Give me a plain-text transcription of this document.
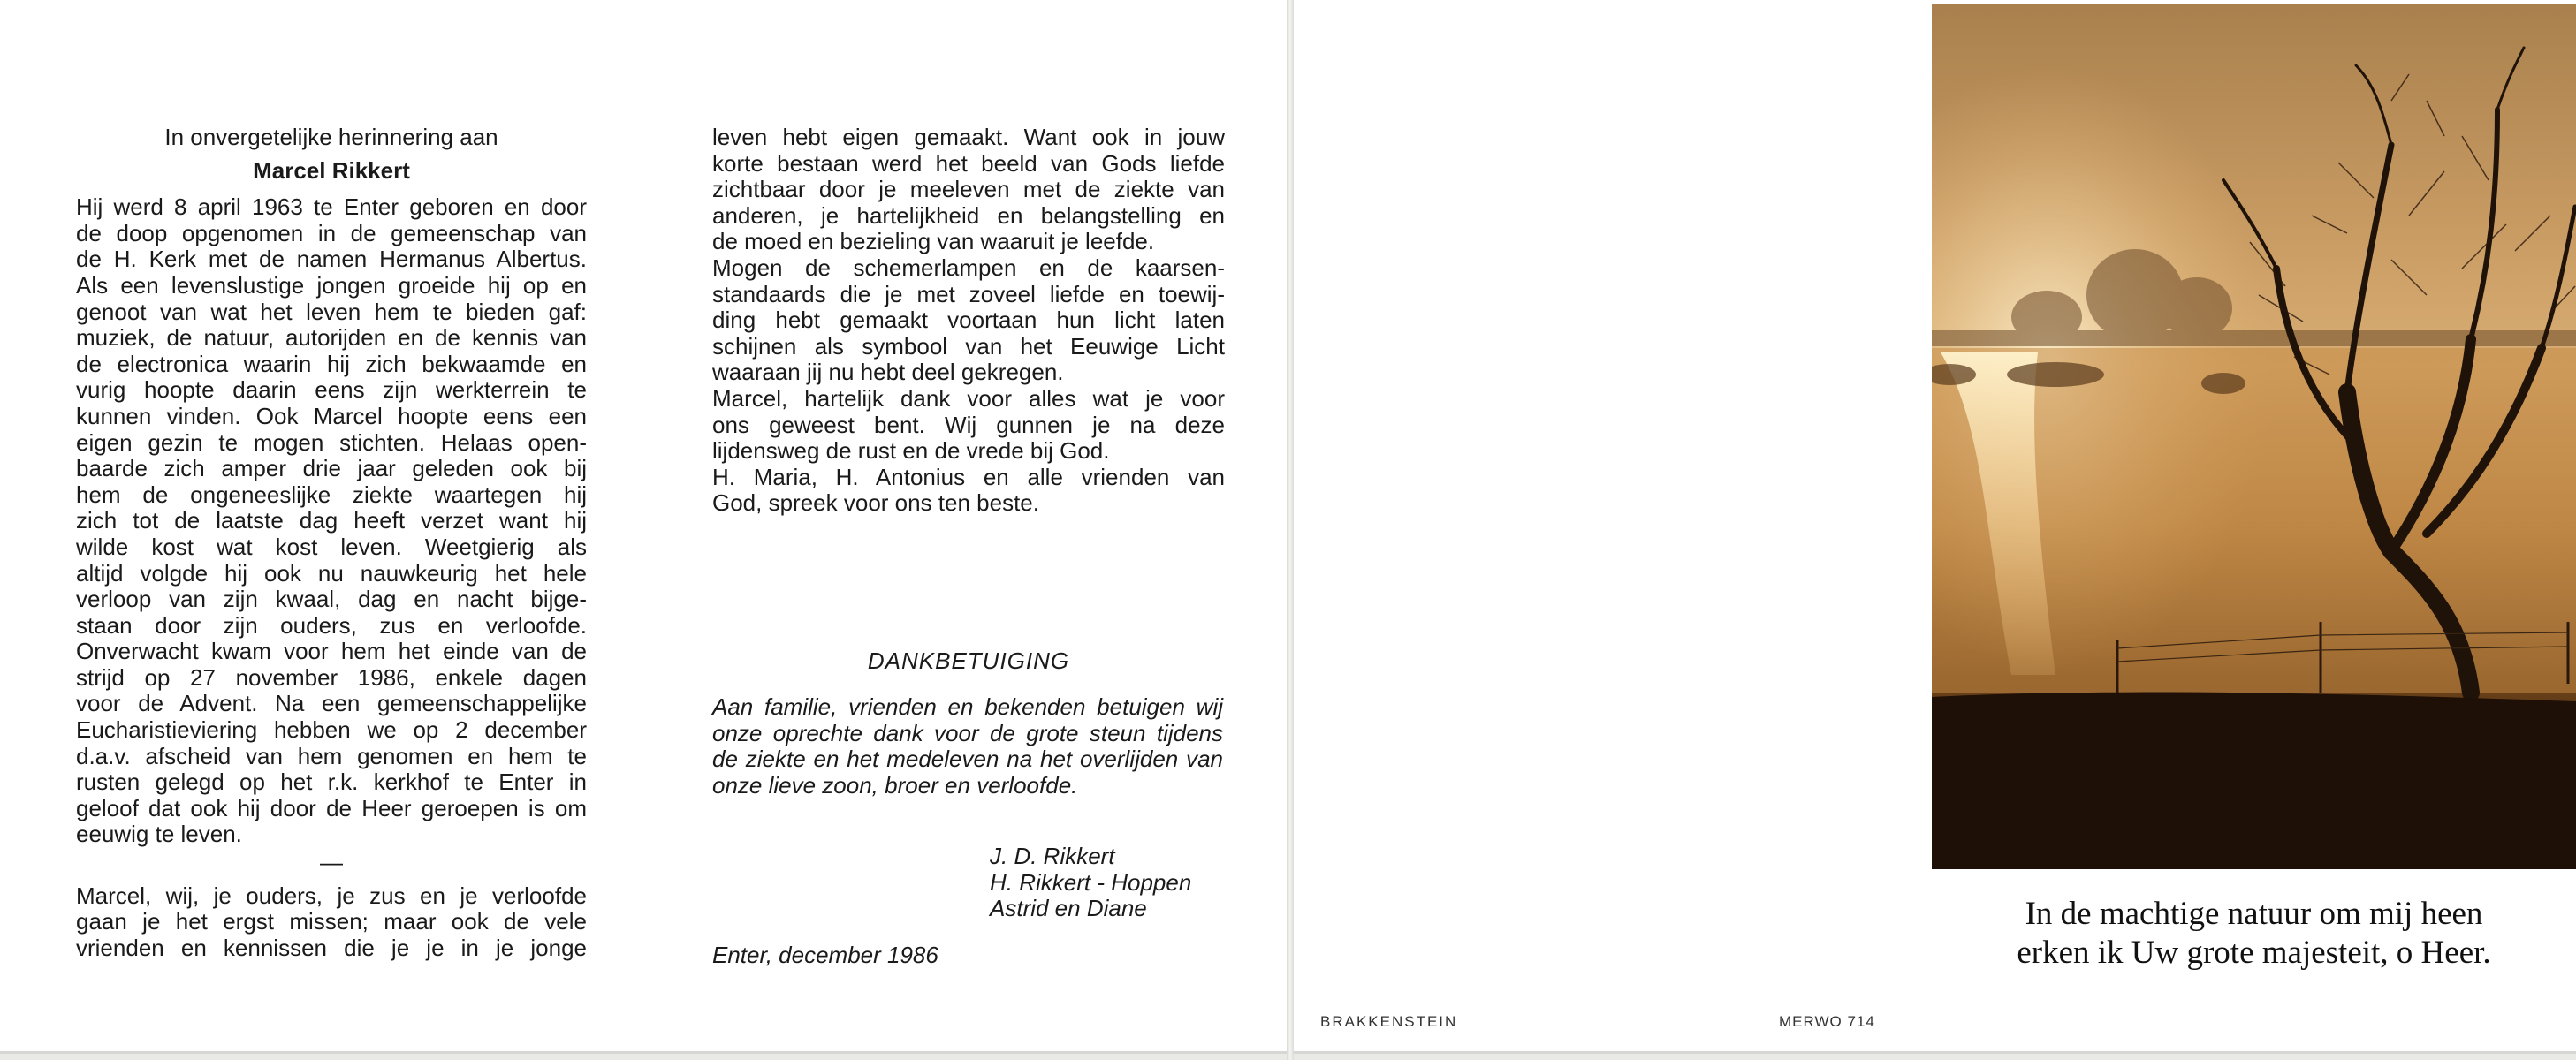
In onvergetelijke herinnering aan
Marcel Rikkert

Hij werd 8 april 1963 te Enter geboren en door

de doop opgenomen in de gemeenschap van

de H. Kerk met de namen Hermanus Albertus.

Als een levenslustige jongen groeide hij op en

genoot van wat het leven hem te bieden gaf:

muziek, de natuur, autorijden en de kennis van

de electronica waarin hij zich bekwaamde en

vurig hoopte daarin eens zijn werkterrein te

kunnen vinden. Ook Marcel hoopte eens een

eigen gezin te mogen stichten. Helaas open-

baarde zich amper drie jaar geleden ook bij

hem de ongeneeslijke ziekte waartegen hij

zich tot de laatste dag heeft verzet want hij

wilde kost wat kost leven. Weetgierig als

altijd volgde hij ook nu nauwkeurig het hele

verloop van zijn kwaal, dag en nacht bijge-

staan door zijn ouders, zus en verloofde.

Onverwacht kwam voor hem het einde van de

strijd op 27 november 1986, enkele dagen

voor de Advent. Na een gemeenschappelijke

Eucharistieviering hebben we op 2 december

d.a.v. afscheid van hem genomen en hem te

rusten gelegd op het r.k. kerkhof te Enter in

geloof dat ook hij door de Heer geroepen is om

eeuwig te leven.

—

Marcel, wij, je ouders, je zus en je verloofde

gaan je het ergst missen; maar ook de vele

vrienden en kennissen die je je in je jonge

leven hebt eigen gemaakt. Want ook in jouw

korte bestaan werd het beeld van Gods liefde

zichtbaar door je meeleven met de ziekte van

anderen, je hartelijkheid en belangstelling en

de moed en bezieling van waaruit je leefde.

Mogen de schemerlampen en de kaarsen-

standaards die je met zoveel liefde en toewij-

ding hebt gemaakt voortaan hun licht laten

schijnen als symbool van het Eeuwige Licht

waaraan jij nu hebt deel gekregen.

Marcel, hartelijk dank voor alles wat je voor

ons geweest bent. Wij gunnen je na deze

lijdensweg de rust en de vrede bij God.

H. Maria, H. Antonius en alle vrienden van

God, spreek voor ons ten beste.

DANKBETUIGING

Aan familie, vrienden en bekenden betuigen wij onze oprechte dank voor de grote steun tijdens de ziekte en het medeleven na het overlijden van onze lieve zoon, broer en verloofde.

J. D. Rikkert
H. Rikkert - Hoppen
Astrid en Diane
Enter, december 1986
In de machtige natuur om mij heen
erken ik Uw grote majesteit, o Heer.
BRAKKENSTEIN	MERWO 714
